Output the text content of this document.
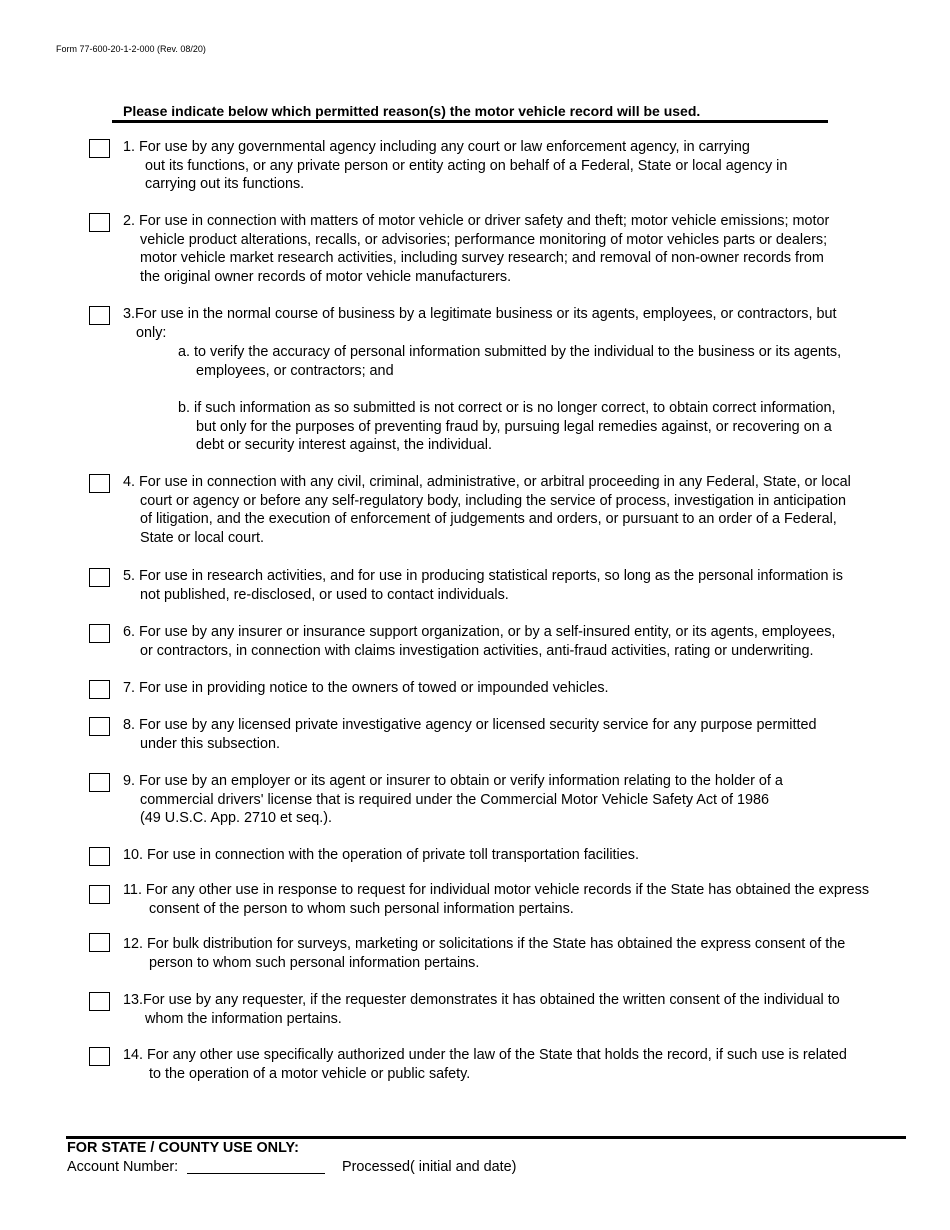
Form 77-600-20-1-2-000 (Rev. 08/20)
Please indicate below which permitted reason(s) the motor vehicle record will be used.
1. For use by any governmental agency including any court or law enforcement agency, in carrying
out its functions, or any private person or entity acting on behalf of a Federal, State or local agency in
carrying out its functions.
2. For use in connection with matters of motor vehicle or driver safety and theft; motor vehicle emissions; motor
vehicle product alterations, recalls, or advisories; performance monitoring of motor vehicles parts or dealers;
motor vehicle market research activities, including survey research; and removal of non-owner records from
the original owner records of motor vehicle manufacturers.
3.For use in the normal course of business by a legitimate business or its agents, employees, or contractors, but
only:
a. to verify the accuracy of personal information submitted by the individual to the business or its agents,
employees, or contractors; and
b. if such information as so submitted is not correct or is no longer correct, to obtain correct information,
but only for the purposes of preventing fraud by, pursuing legal remedies against, or recovering on a
debt or security interest against, the individual.
4. For use in connection with any civil, criminal, administrative, or arbitral proceeding in any Federal, State, or local
court or agency or before any self-regulatory body, including the service of process, investigation in anticipation
of litigation, and the execution of enforcement of judgements and orders, or pursuant to an order of a Federal,
State or local court.
5. For use in research activities, and for use in producing statistical reports, so long as the personal information is
not published, re-disclosed, or used to contact individuals.
6. For use by any insurer or insurance support organization, or by a self-insured entity, or its agents, employees,
or contractors, in connection with claims investigation activities, anti-fraud activities, rating or underwriting.
7. For use in providing notice to the owners of towed or impounded vehicles.
8. For use by any licensed private investigative agency or licensed security service for any purpose permitted
under this subsection.
9. For use by an employer or its agent or insurer to obtain or verify information relating to the holder of a
commercial drivers' license that is required under the Commercial Motor Vehicle Safety Act of 1986
(49 U.S.C. App. 2710 et seq.).
10. For use in connection with the operation of private toll transportation facilities.
11. For any other use in response to request for individual motor vehicle records if the State has obtained the express
consent of the person to whom such personal information pertains.
12. For bulk distribution for surveys, marketing or solicitations if the State has obtained the express consent of the
person to whom such personal information pertains.
13.For use by any requester, if the requester demonstrates it has obtained the written consent of the individual to
whom the information pertains.
14. For any other use specifically authorized under the law of the State that holds the record, if such use is related
to the operation of a motor vehicle or public safety.
FOR STATE / COUNTY USE ONLY:
Account Number:	Processed( initial and date)
